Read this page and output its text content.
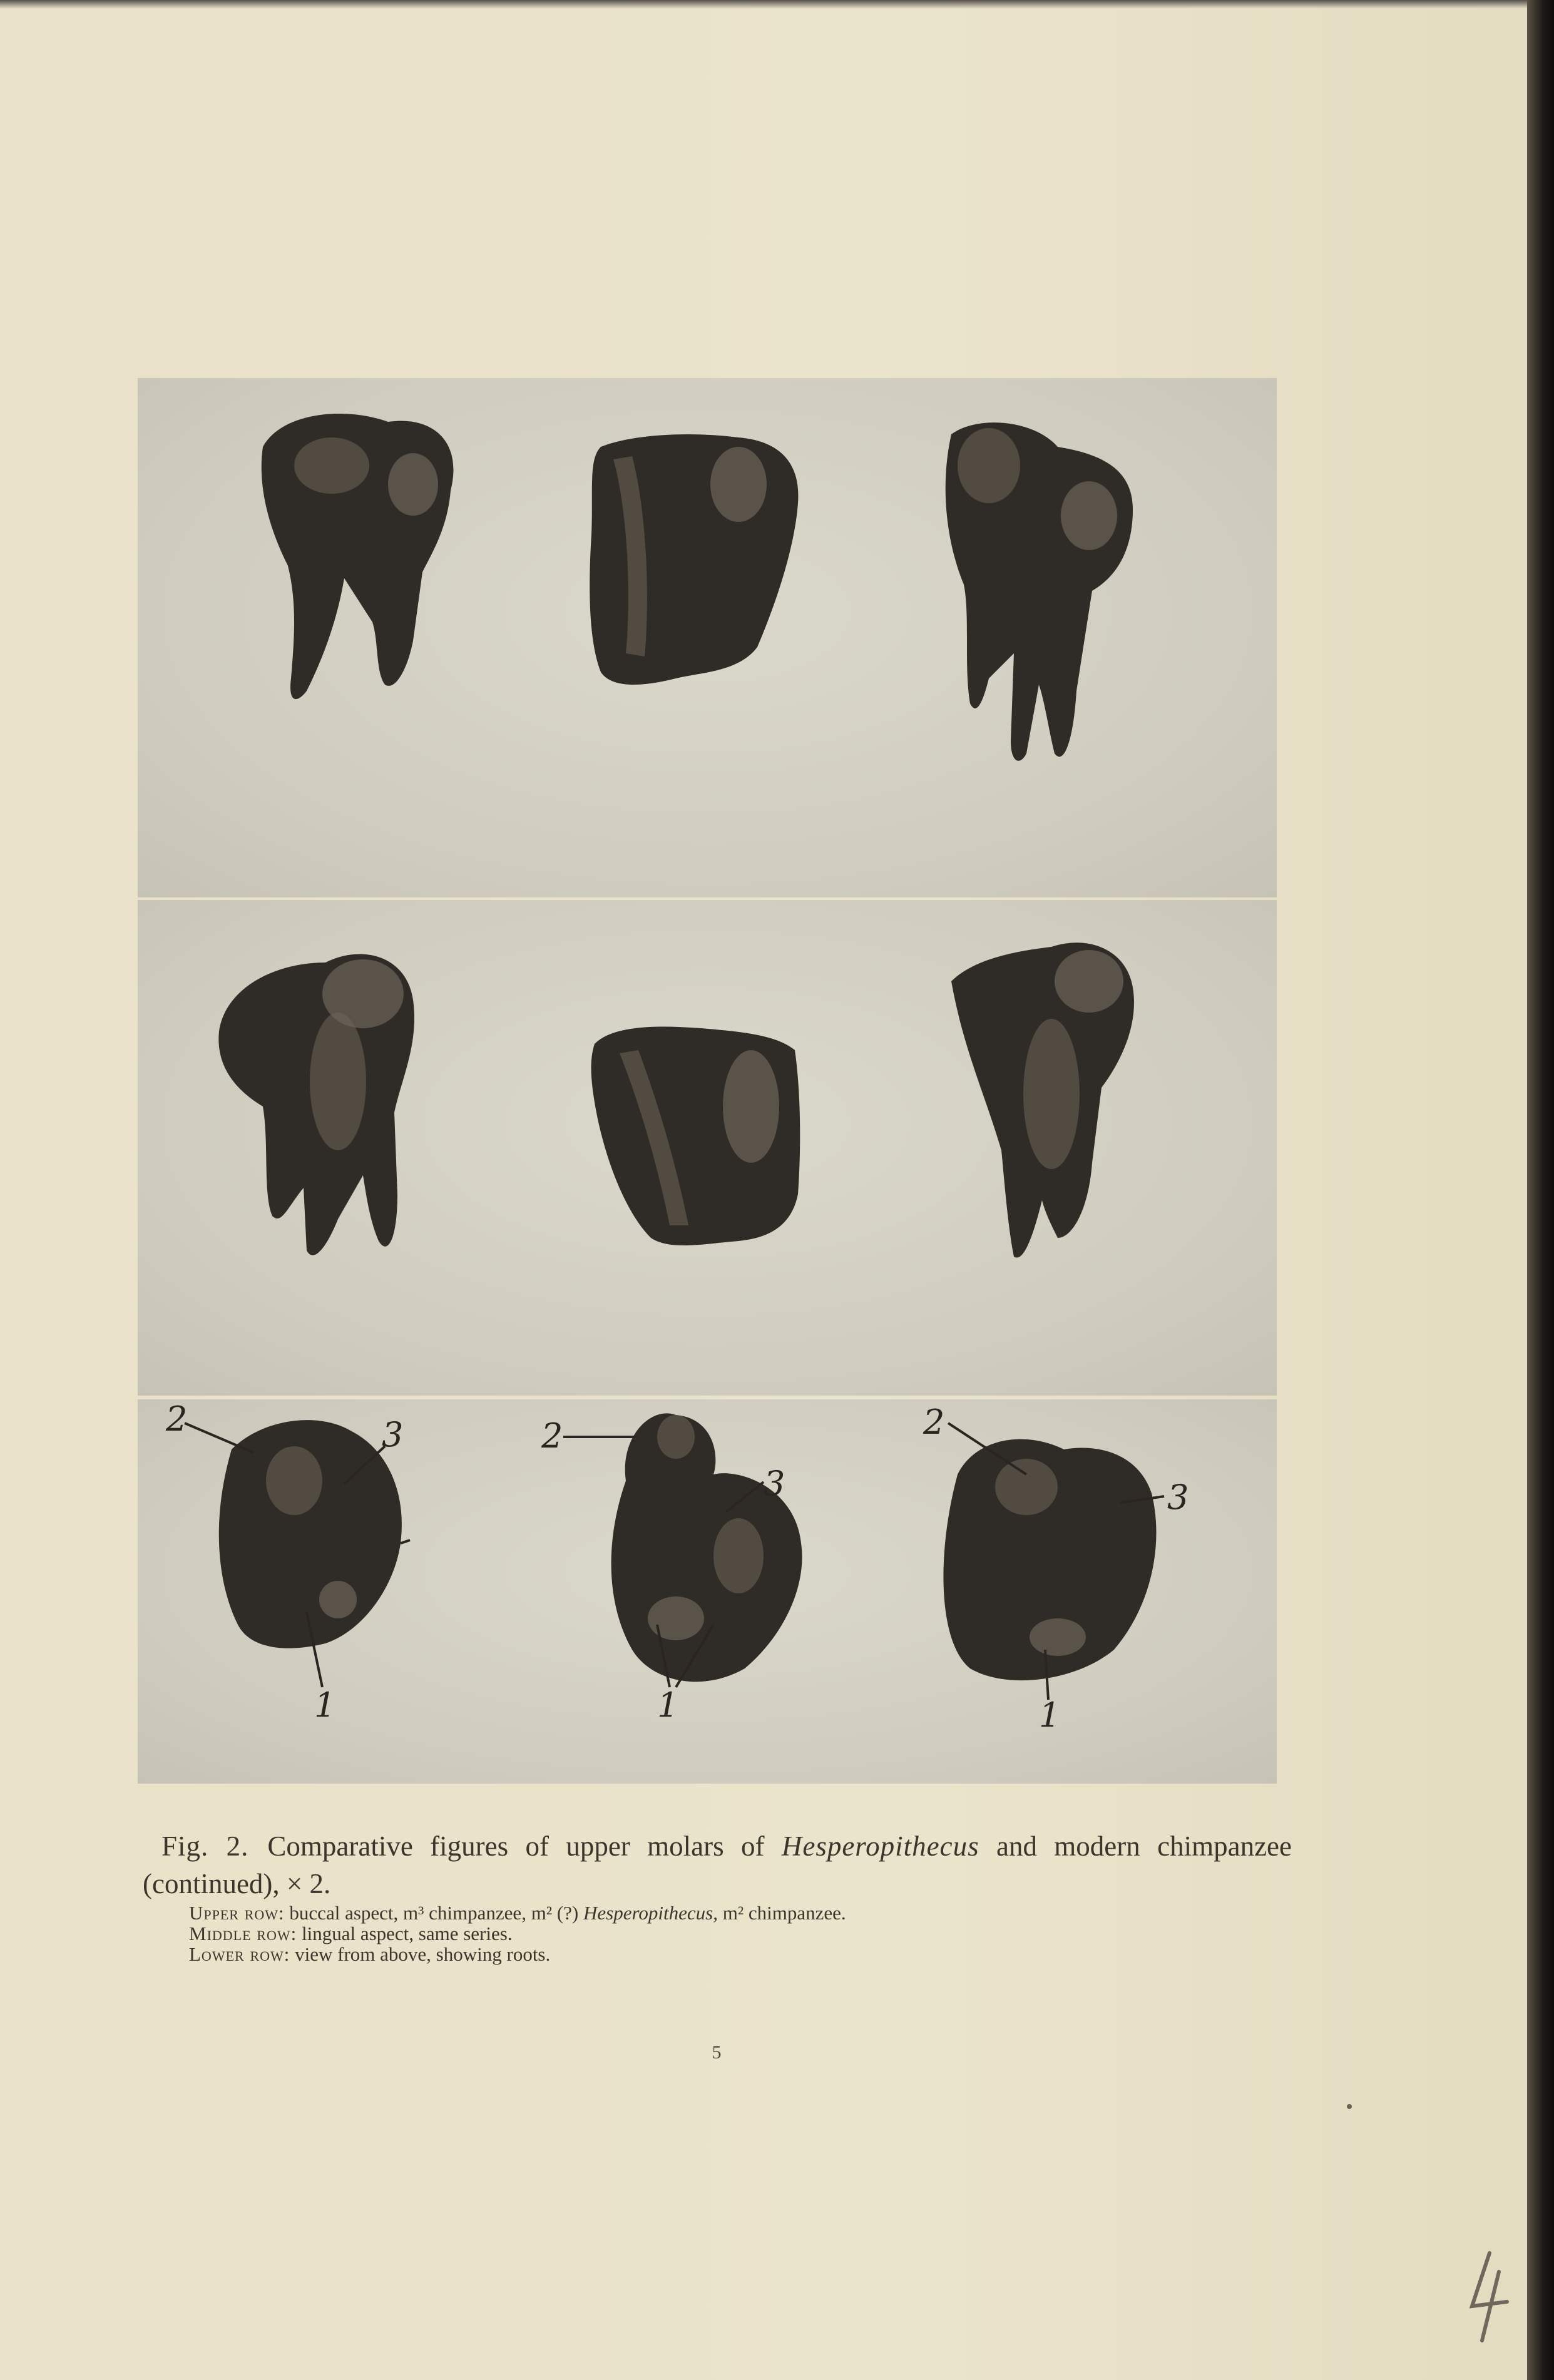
2	3
1
2
3
1
2
3
1
Fig. 2. Comparative figures of upper molars of Hesperopithecus and modern chimpanzee (continued), × 2.
Upper row: buccal aspect, m³ chimpanzee, m² (?) Hesperopithecus, m² chimpanzee.
Middle row: lingual aspect, same series.
Lower row: view from above, showing roots.
5
